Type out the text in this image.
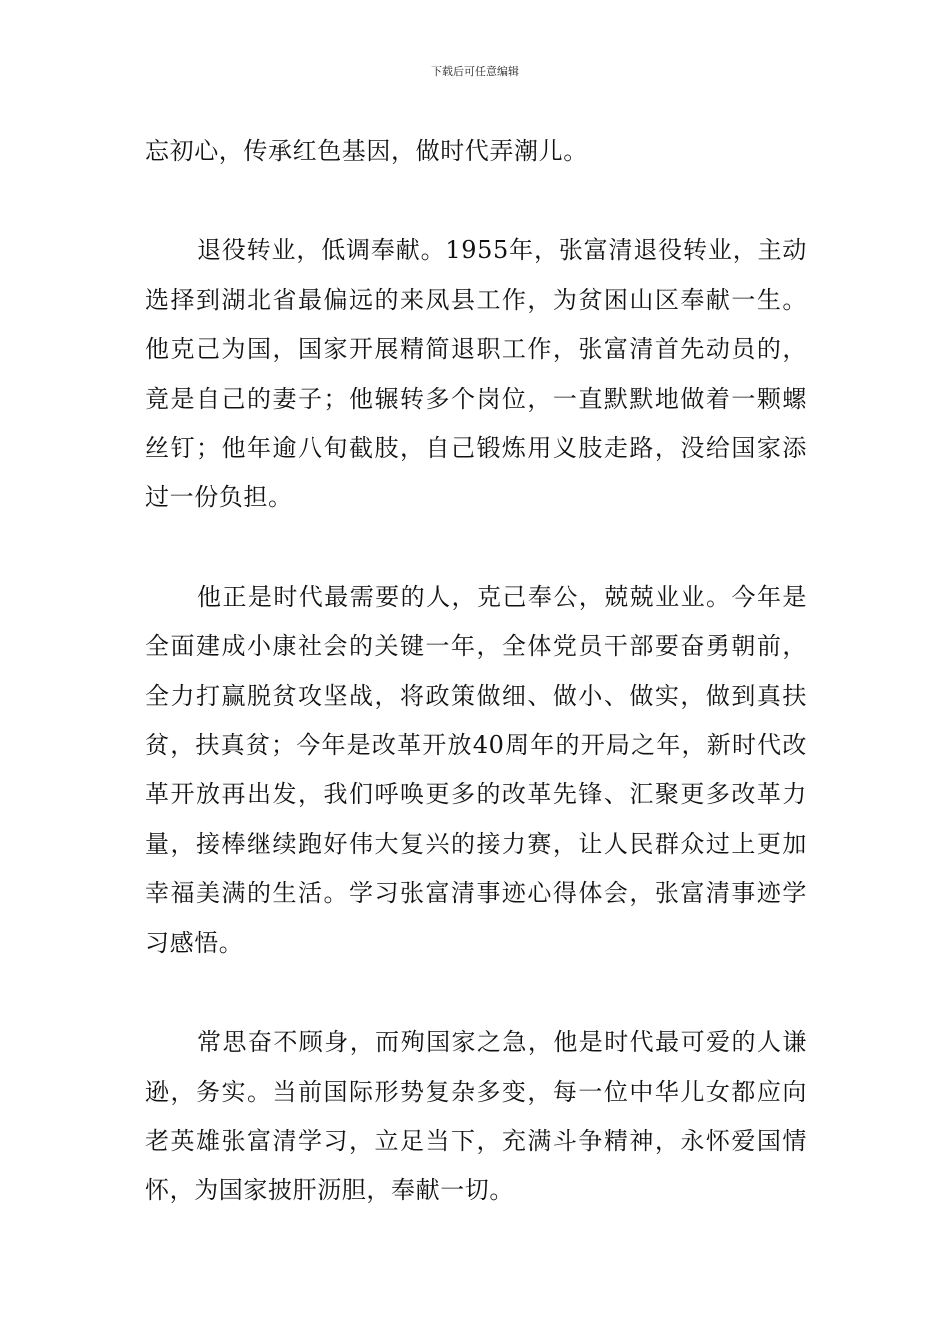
下载后可任意编辑

忘初心，传承红色基因，做时代弄潮儿。

退役转业，低调奉献。1955年，张富清退役转业，主动选择到湖北省最偏远的来凤县工作，为贫困山区奉献一生。他克己为国，国家开展精简退职工作，张富清首先动员的，竟是自己的妻子；他辗转多个岗位，一直默默地做着一颗螺丝钉；他年逾八旬截肢，自己锻炼用义肢走路，没给国家添过一份负担。

他正是时代最需要的人，克己奉公，兢兢业业。今年是全面建成小康社会的关键一年，全体党员干部要奋勇朝前，全力打赢脱贫攻坚战，将政策做细、做小、做实，做到真扶贫，扶真贫；今年是改革开放40周年的开局之年，新时代改革开放再出发，我们呼唤更多的改革先锋、汇聚更多改革力量，接棒继续跑好伟大复兴的接力赛，让人民群众过上更加幸福美满的生活。学习张富清事迹心得体会，张富清事迹学习感悟。

常思奋不顾身，而殉国家之急，他是时代最可爱的人谦逊，务实。当前国际形势复杂多变，每一位中华儿女都应向老英雄张富清学习，立足当下，充满斗争精神，永怀爱国情怀，为国家披肝沥胆，奉献一切。
